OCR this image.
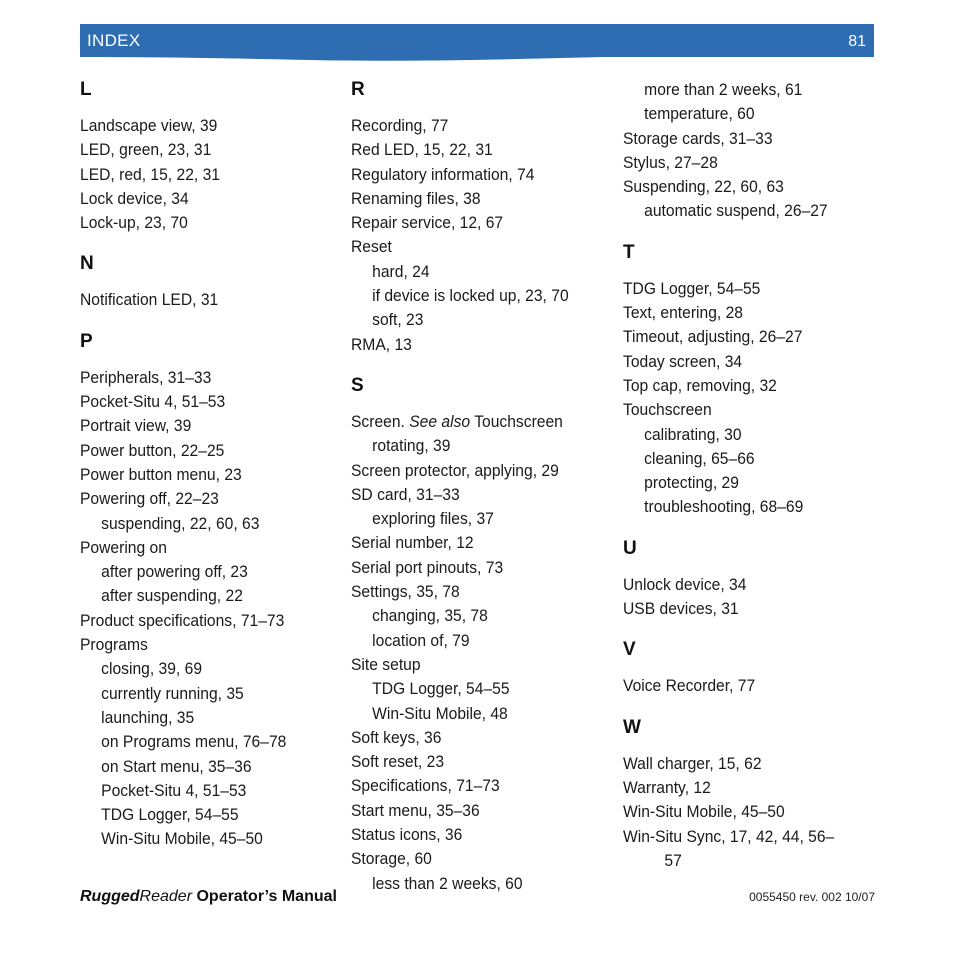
INDEX	81
L
Landscape view, 39
LED, green, 23, 31
LED, red, 15, 22, 31
Lock device, 34
Lock-up, 23, 70
N
Notification LED, 31
P
Peripherals, 31–33
Pocket-Situ 4, 51–53
Portrait view, 39
Power button, 22–25
Power button menu, 23
Powering off, 22–23
suspending, 22, 60, 63
Powering on
after powering off, 23
after suspending, 22
Product specifications, 71–73
Programs
closing, 39, 69
currently running, 35
launching, 35
on Programs menu, 76–78
on Start menu, 35–36
Pocket-Situ 4, 51–53
TDG Logger, 54–55
Win-Situ Mobile, 45–50
R
Recording, 77
Red LED, 15, 22, 31
Regulatory information, 74
Renaming files, 38
Repair service, 12, 67
Reset
hard, 24
if device is locked up, 23, 70
soft, 23
RMA, 13
S
Screen. See also Touchscreen
rotating, 39
Screen protector, applying, 29
SD card, 31–33
exploring files, 37
Serial number, 12
Serial port pinouts, 73
Settings, 35, 78
changing, 35, 78
location of, 79
Site setup
TDG Logger, 54–55
Win-Situ Mobile, 48
Soft keys, 36
Soft reset, 23
Specifications, 71–73
Start menu, 35–36
Status icons, 36
Storage, 60
less than 2 weeks, 60
more than 2 weeks, 61
temperature, 60
Storage cards, 31–33
Stylus, 27–28
Suspending, 22, 60, 63
automatic suspend, 26–27
T
TDG Logger, 54–55
Text, entering, 28
Timeout, adjusting, 26–27
Today screen, 34
Top cap, removing, 32
Touchscreen
calibrating, 30
cleaning, 65–66
protecting, 29
troubleshooting, 68–69
U
Unlock device, 34
USB devices, 31
V
Voice Recorder, 77
W
Wall charger, 15, 62
Warranty, 12
Win-Situ Mobile, 45–50
Win-Situ Sync, 17, 42, 44, 56–
57
RuggedReader Operator’s Manual	0055450 rev. 002 10/07
